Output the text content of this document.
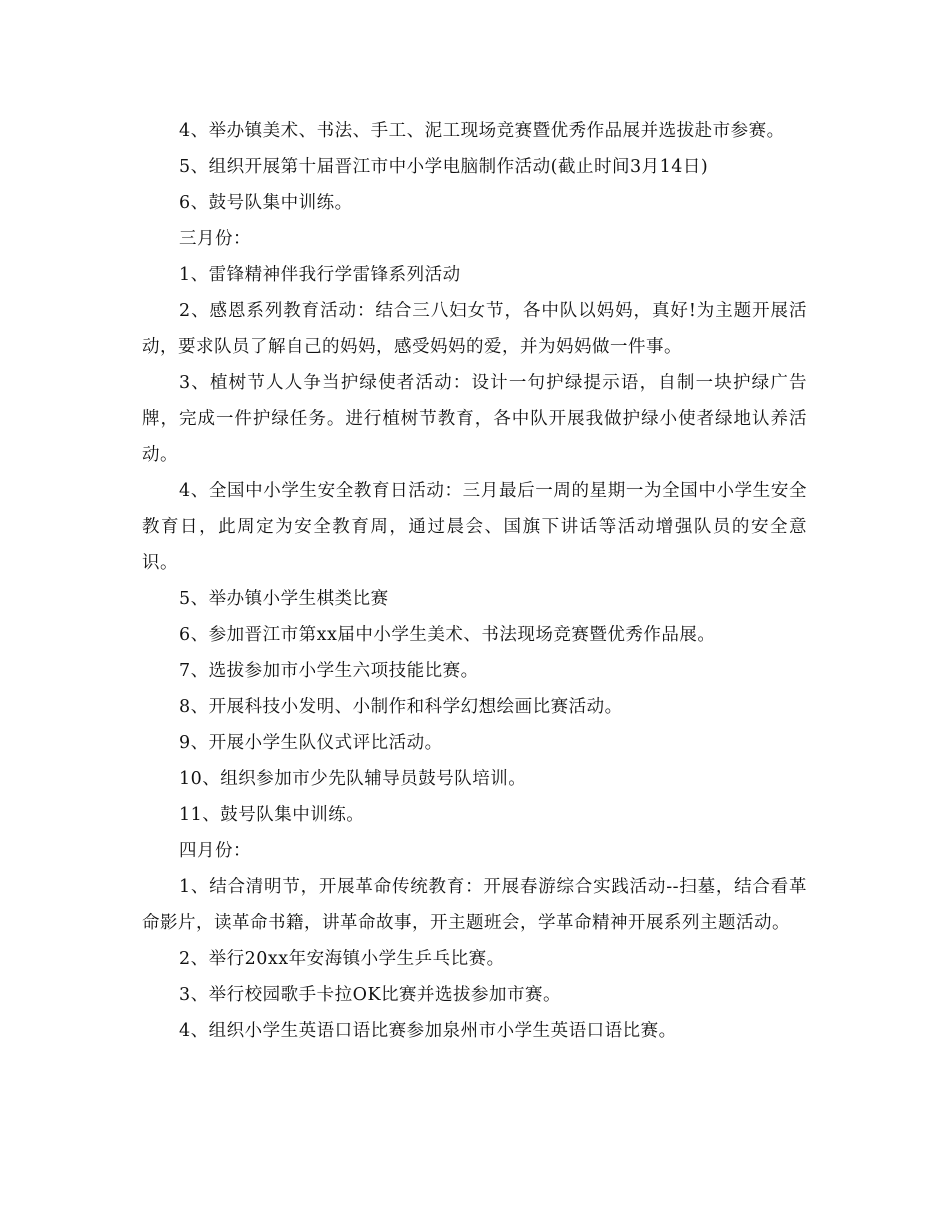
4、举办镇美术、书法、手工、泥工现场竞赛暨优秀作品展并选拔赴市参赛。

5、组织开展第十届晋江市中小学电脑制作活动(截止时间3月14日)

6、鼓号队集中训练。

三月份：

1、雷锋精神伴我行学雷锋系列活动

2、感恩系列教育活动：结合三八妇女节，各中队以妈妈，真好!为主题开展活动，要求队员了解自己的妈妈，感受妈妈的爱，并为妈妈做一件事。

3、植树节人人争当护绿使者活动：设计一句护绿提示语，自制一块护绿广告牌，完成一件护绿任务。进行植树节教育，各中队开展我做护绿小使者绿地认养活动。

4、全国中小学生安全教育日活动：三月最后一周的星期一为全国中小学生安全教育日，此周定为安全教育周，通过晨会、国旗下讲话等活动增强队员的安全意识。

5、举办镇小学生棋类比赛

6、参加晋江市第xx届中小学生美术、书法现场竞赛暨优秀作品展。

7、选拔参加市小学生六项技能比赛。

8、开展科技小发明、小制作和科学幻想绘画比赛活动。

9、开展小学生队仪式评比活动。

10、组织参加市少先队辅导员鼓号队培训。

11、鼓号队集中训练。

四月份：

1、结合清明节，开展革命传统教育：开展春游综合实践活动--扫墓，结合看革命影片，读革命书籍，讲革命故事，开主题班会，学革命精神开展系列主题活动。

2、举行20xx年安海镇小学生乒乓比赛。

3、举行校园歌手卡拉OK比赛并选拔参加市赛。

4、组织小学生英语口语比赛参加泉州市小学生英语口语比赛。
